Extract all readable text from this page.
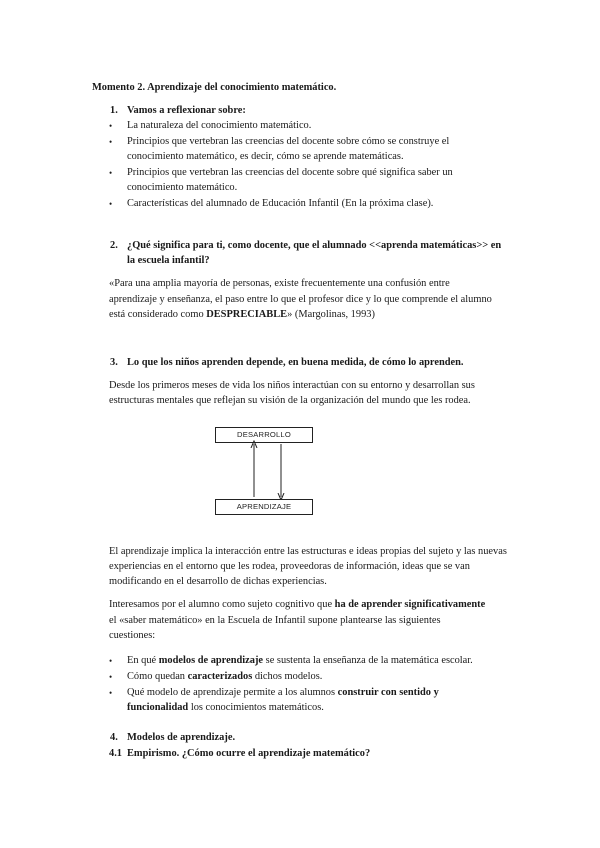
Momento 2. Aprendizaje del conocimiento matemático.

1. Vamos a reflexionar sobre:

• La naturaleza del conocimiento matemático.

• Principios que vertebran las creencias del docente sobre cómo se construye el

conocimiento matemático, es decir, cómo se aprende matemáticas.

• Principios que vertebran las creencias del docente sobre qué significa saber un

conocimiento matemático.

• Características del alumnado de Educación Infantil (En la próxima clase).

2. ¿Qué significa para ti, como docente, que el alumnado <<aprenda matemáticas>> en

la escuela infantil?

«Para una amplia mayoría de personas, existe frecuentemente una confusión entre

aprendizaje y enseñanza, el paso entre lo que el profesor dice y lo que comprende el alumno

está considerado como DESPRECIABLE» (Margolinas, 1993)

3. Lo que los niños aprenden depende, en buena medida, de cómo lo aprenden.

Desde los primeros meses de vida los niños interactúan con su entorno y desarrollan sus

estructuras mentales que reflejan su visión de la organización del mundo que les rodea.

DESARROLLO
APRENDIZAJE

El aprendizaje implica la interacción entre las estructuras e ideas propias del sujeto y las nuevas

experiencias en el entorno que les rodea, proveedoras de información, ideas que se van

modificando en el desarrollo de dichas experiencias.

Interesamos por el alumno como sujeto cognitivo que ha de aprender significativamente

el «saber matemático» en la Escuela de Infantil supone plantearse las siguientes

cuestiones:

• En qué modelos de aprendizaje se sustenta la enseñanza de la matemática escolar.

• Cómo quedan caracterizados dichos modelos.

• Qué modelo de aprendizaje permite a los alumnos construir con sentido y

funcionalidad los conocimientos matemáticos.

4. Modelos de aprendizaje.

4.1 Empirismo. ¿Cómo ocurre el aprendizaje matemático?
